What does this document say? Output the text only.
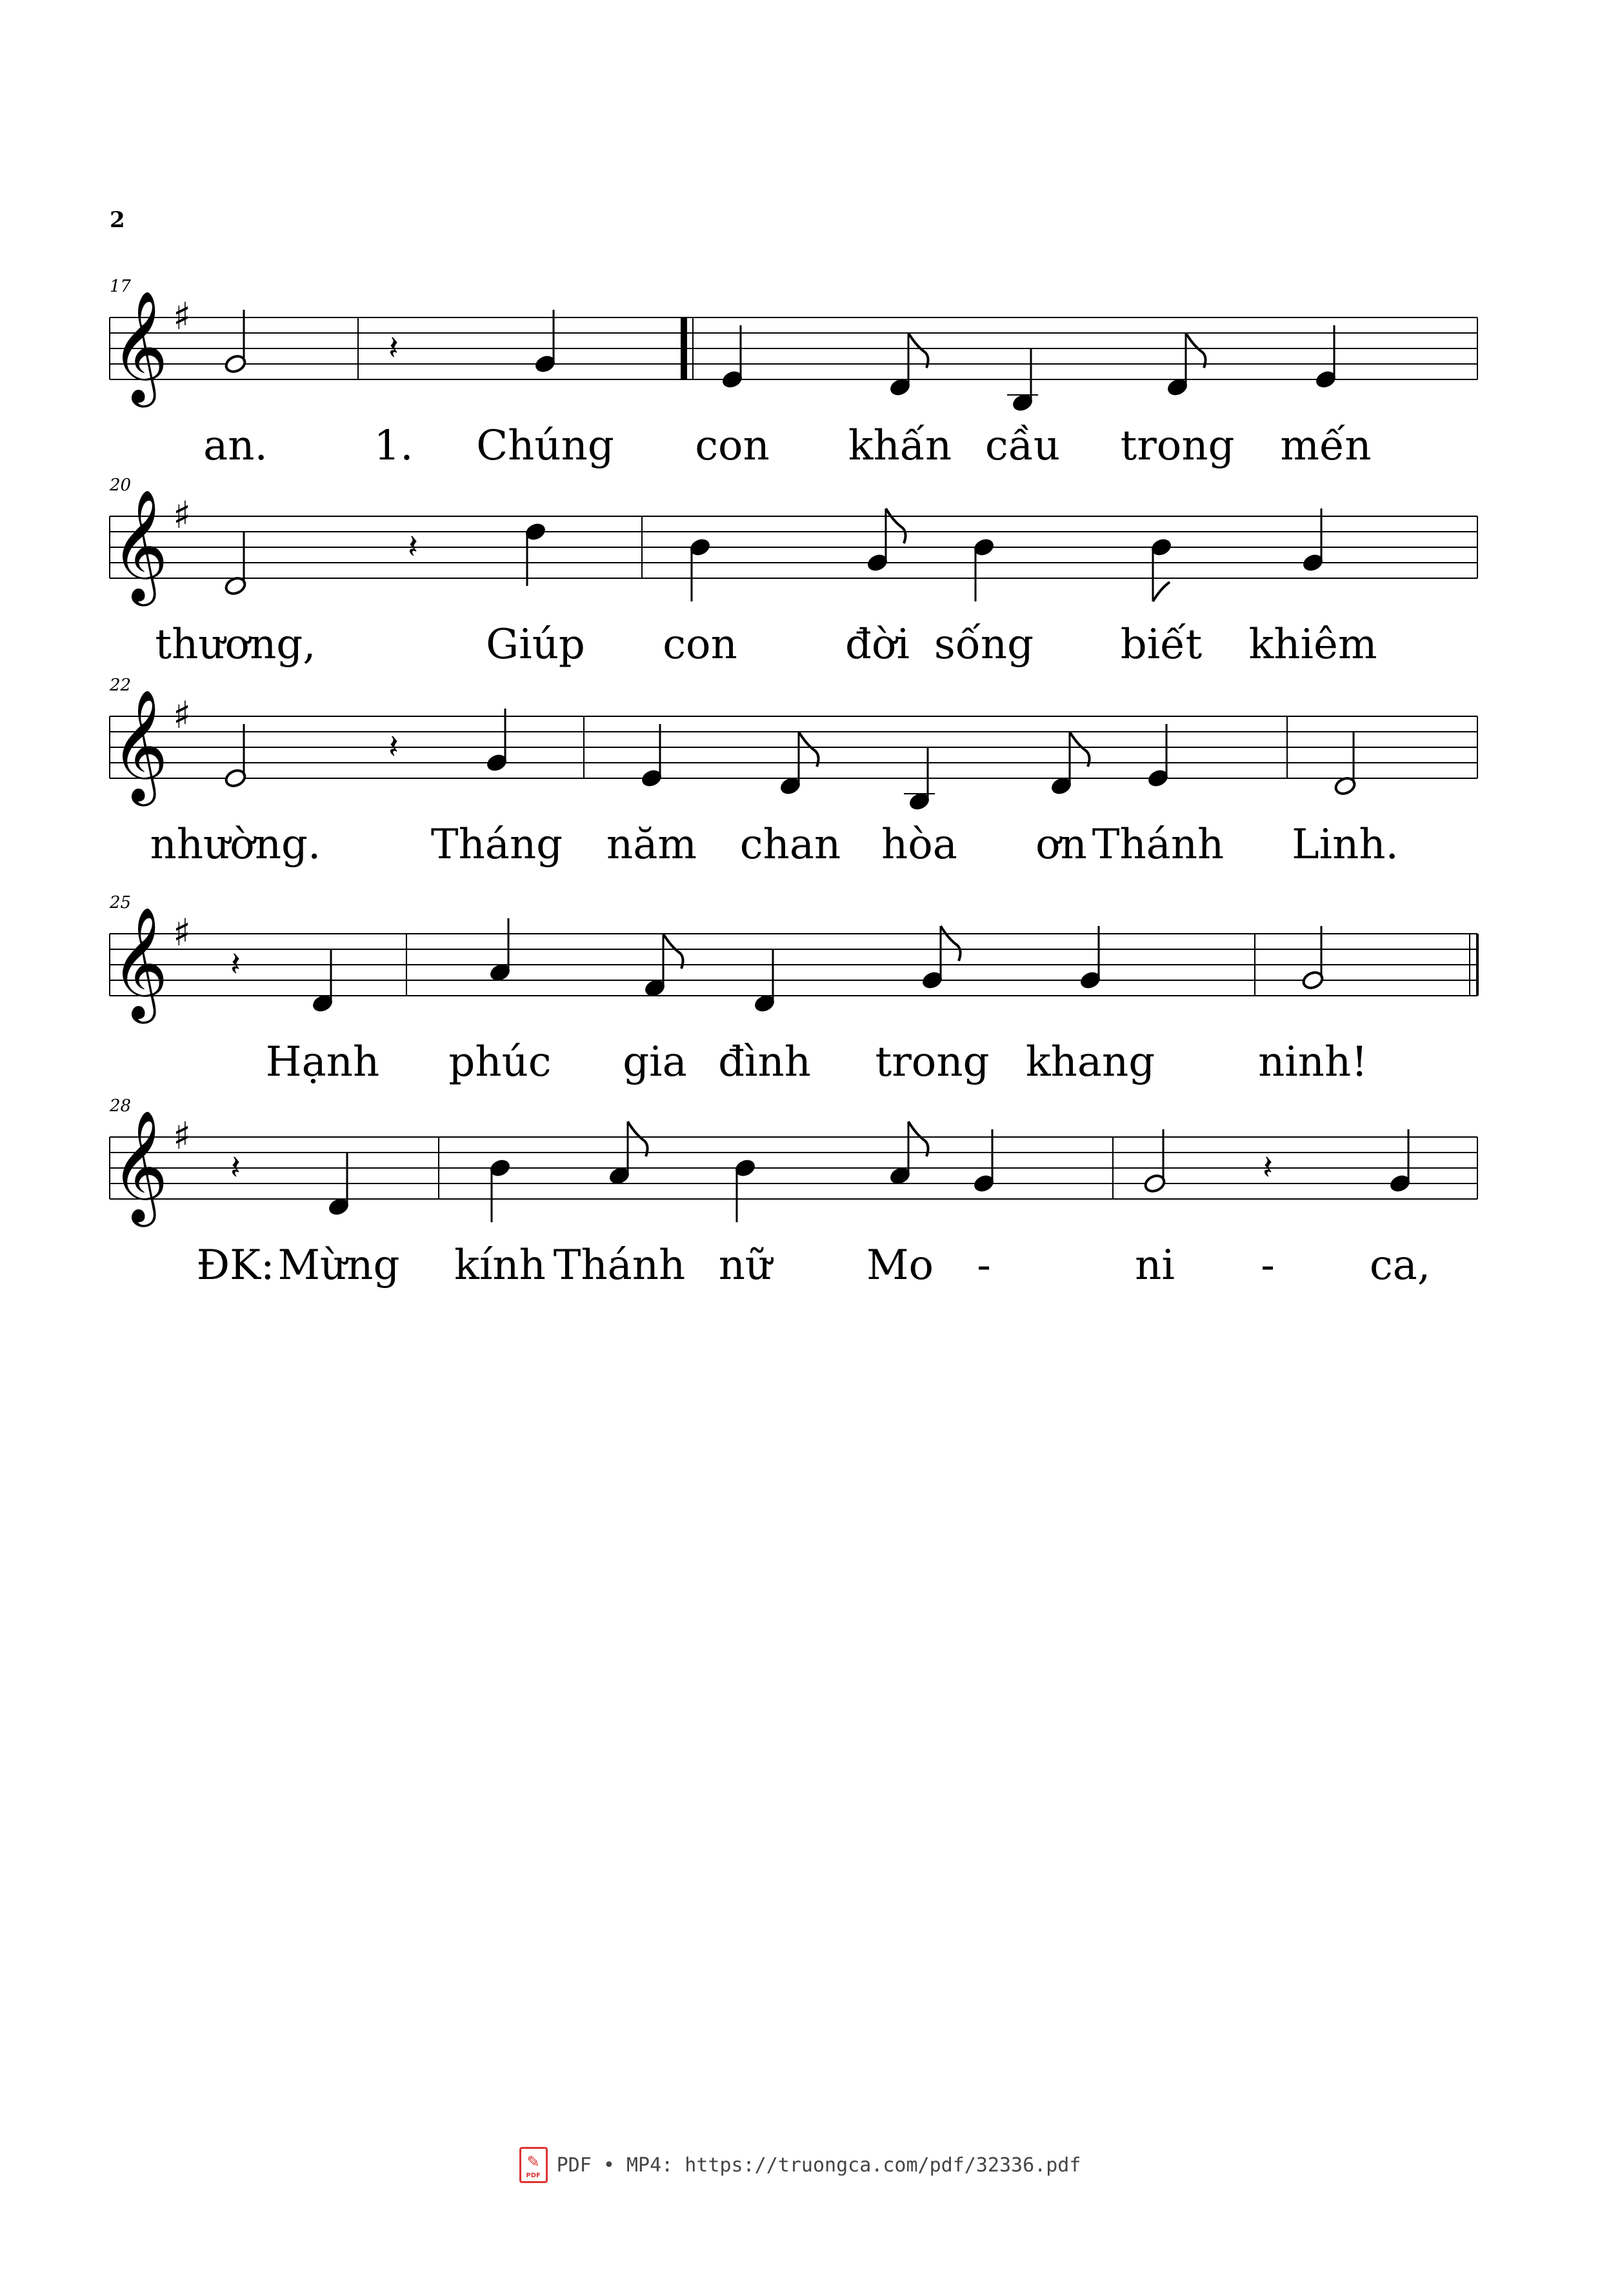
2
17
𝄞 ♯
an.
𝄽
1. Chúng con khấn cầu trong mến
20
𝄞 ♯
thương,
𝄽
Giúp con	đời sống biết khiêm
22
𝄞 ♯
nhường.
𝄽
Tháng năm chan hòa ơn Thánh Linh.
25
𝄞 ♯
𝄽
Hạnh phúc gia đình trong khang ninh!
28
𝄞 ♯
𝄽
ĐK: Mừng kính Thánh nữ Mo -	ni
𝄽
- ca,
✎
PDF PDF • MP4: https://truongca.com/pdf/32336.pdf
